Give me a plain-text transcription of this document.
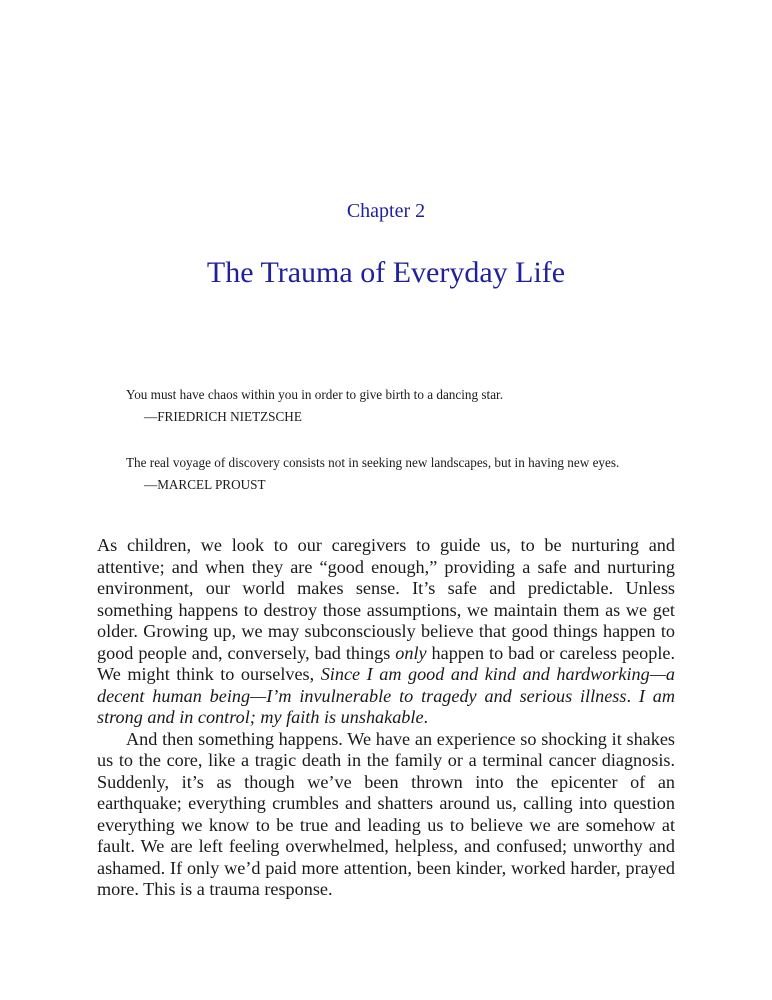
Chapter 2
The Trauma of Everyday Life
You must have chaos within you in order to give birth to a dancing star.
—FRIEDRICH NIETZSCHE
The real voyage of discovery consists not in seeking new landscapes, but in having new eyes.
—MARCEL PROUST

As children, we look to our caregivers to guide us, to be nurturing and attentive; and when they are “good enough,” providing a safe and nurturing environment, our world makes sense. It’s safe and predictable. Unless something happens to destroy those assumptions, we maintain them as we get older. Growing up, we may subconsciously believe that good things happen to good people and, conversely, bad things only happen to bad or careless people. We might think to ourselves, Since I am good and kind and hardworking—a decent human being—I’m invulnerable to tragedy and serious illness. I am strong and in control; my faith is unshakable.

And then something happens. We have an experience so shocking it shakes us to the core, like a tragic death in the family or a terminal cancer diagnosis. Suddenly, it’s as though we’ve been thrown into the epicenter of an earthquake; everything crumbles and shatters around us, calling into question everything we know to be true and leading us to believe we are somehow at fault. We are left feeling overwhelmed, helpless, and confused; unworthy and ashamed. If only we’d paid more attention, been kinder, worked harder, prayed more. This is a trauma response.
